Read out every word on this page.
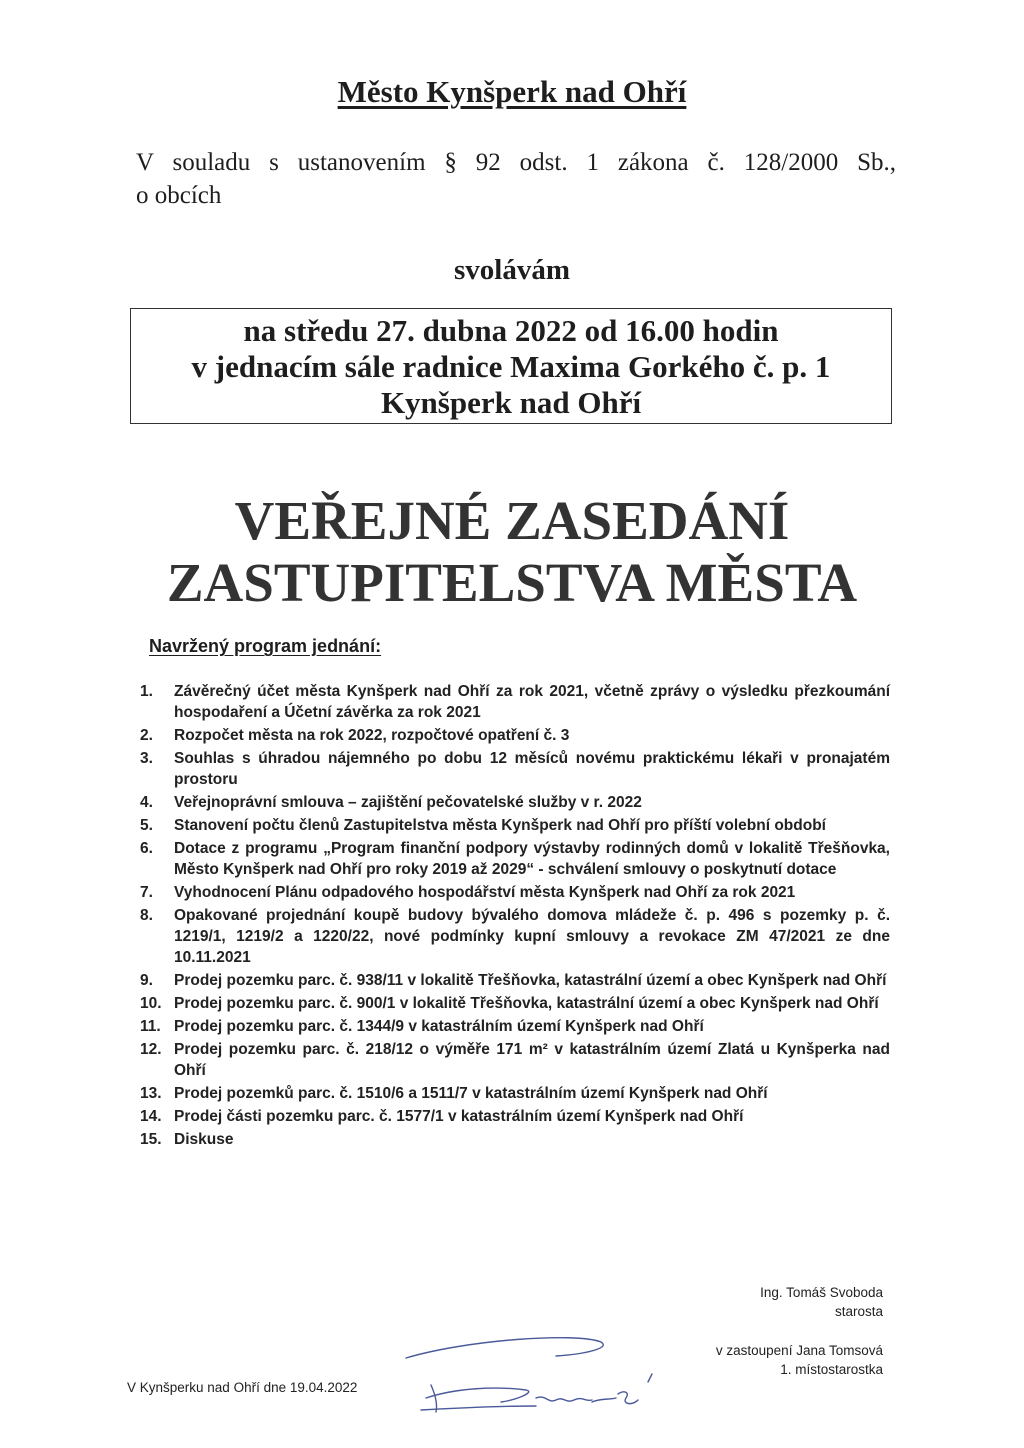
Město Kynšperk nad Ohří
V souladu s ustanovením § 92 odst. 1 zákona č. 128/2000 Sb.,
o obcích
svolávám
na středu 27. dubna 2022 od 16.00 hodin
v jednacím sále radnice Maxima Gorkého č. p. 1
Kynšperk nad Ohří
VEŘEJNÉ ZASEDÁNÍ
ZASTUPITELSTVA MĚSTA
Navržený program jednání:
1. Závěrečný účet města Kynšperk nad Ohří za rok 2021, včetně zprávy o výsledku přezkoumání hospodaření a Účetní závěrka za rok 2021
2. Rozpočet města na rok 2022, rozpočtové opatření č. 3
3. Souhlas s úhradou nájemného po dobu 12 měsíců novému praktickému lékaři v pronajatém prostoru
4. Veřejnoprávní smlouva – zajištění pečovatelské služby v r. 2022
5. Stanovení počtu členů Zastupitelstva města Kynšperk nad Ohří pro příští volební období
6. Dotace z programu „Program finanční podpory výstavby rodinných domů v lokalitě Třešňovka, Město Kynšperk nad Ohří pro roky 2019 až 2029“ - schválení smlouvy o poskytnutí dotace
7. Vyhodnocení Plánu odpadového hospodářství města Kynšperk nad Ohří za rok 2021
8. Opakované projednání koupě budovy bývalého domova mládeže č. p. 496 s pozemky p. č. 1219/1, 1219/2 a 1220/22, nové podmínky kupní smlouvy a revokace ZM 47/2021 ze dne 10.11.2021
9. Prodej pozemku parc. č. 938/11 v lokalitě Třešňovka, katastrální území a obec Kynšperk nad Ohří
10. Prodej pozemku parc. č. 900/1 v lokalitě Třešňovka, katastrální území a obec Kynšperk nad Ohří
11. Prodej pozemku parc. č. 1344/9 v katastrálním území Kynšperk nad Ohří
12. Prodej pozemku parc. č. 218/12 o výměře 171 m² v katastrálním území Zlatá u Kynšperka nad Ohří
13. Prodej pozemků parc. č. 1510/6 a 1511/7 v katastrálním území Kynšperk nad Ohří
14. Prodej části pozemku parc. č. 1577/1 v katastrálním území Kynšperk nad Ohří
15. Diskuse
Ing. Tomáš Svoboda
starosta
v zastoupení Jana Tomsová
1. místostarostka
V Kynšperku nad Ohří dne 19.04.2022
